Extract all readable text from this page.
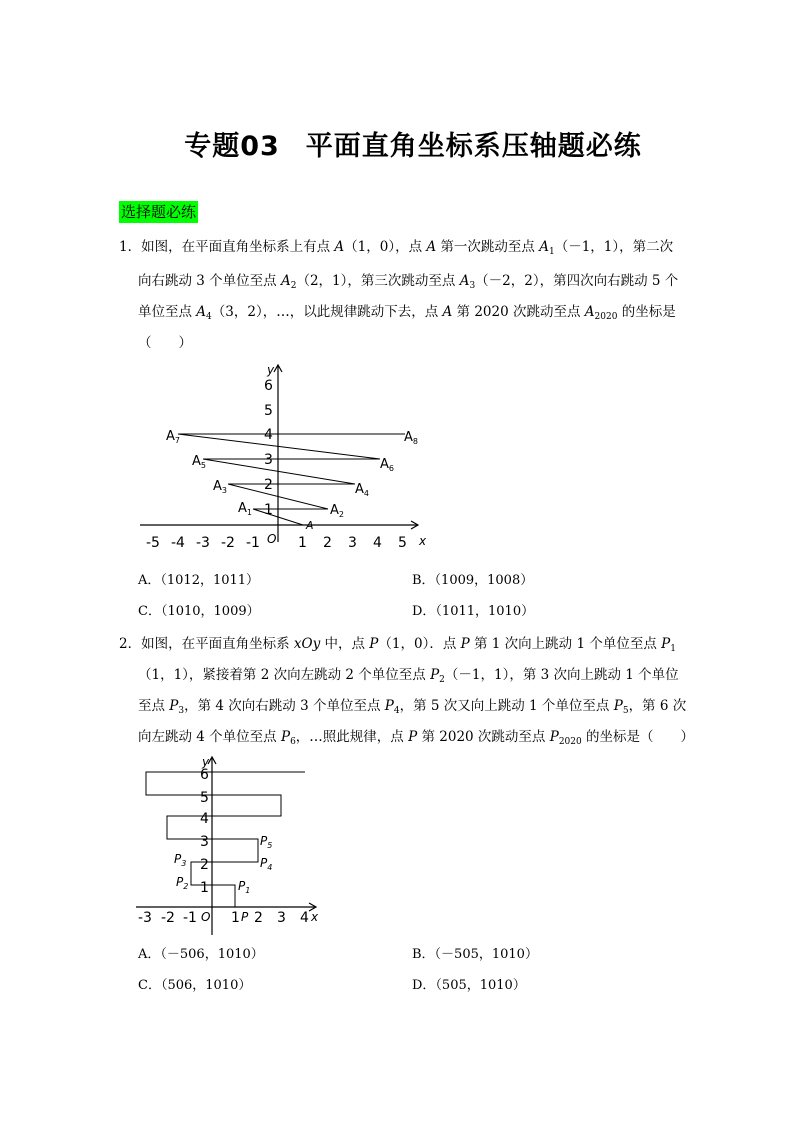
专题03 平面直角坐标系压轴题必练
选择题必练
1．如图，在平面直角坐标系上有点 A（1，0），点 A 第一次跳动至点 $A_1(-1$，1），第二次
向右跳动 3 个单位至点 $A_2(2$，1），第三次跳动至点 $A_3(-2$，2），第四次向右跳动 5 个
单位至点 $A_4(3$，2），…，以此规律跳动下去，点 A 第 2020 次跳动至点 $A_{2020}$ 的坐标是
（　　）
-5 -4 -3 -2 -1	1 2 3 4 5
1
2
3
4
5
6
x
y
O
A
$A_1$	$A_2$
$A_3$	$A_4$
$A_5$	$A_6$
$A_7$	$A_8$
A．（1012，1011）	B．（1009，1008）
C．（1010，1009）	D．（1011，1010）
2．如图，在平面直角坐标系 xOy 中，点 P（1，0）．点 P 第 1 次向上跳动 1 个单位至点 $P_1$
（1，1），紧接着第 2 次向左跳动 2 个单位至点 $P_2(-1$，1），第 3 次向上跳动 1 个单位
至点 $P_3$，第 4 次向右跳动 3 个单位至点 $P_4$，第 5 次又向上跳动 1 个单位至点 $P_5$，第 6 次
向左跳动 4 个单位至点 $P_6$，…照此规律，点 P 第 2020 次跳动至点 $P_{2020}$ 的坐标是（　　）
-3 -2 -1 1 2 3 4
1
2
3
4
5
6
x
y
O	P
$P_1$
$P_2$
$P_3$	$P_4$
$P_5$
A．（－506，1010）	B．（－505，1010）
C．（506，1010）	D．（505，1010）
